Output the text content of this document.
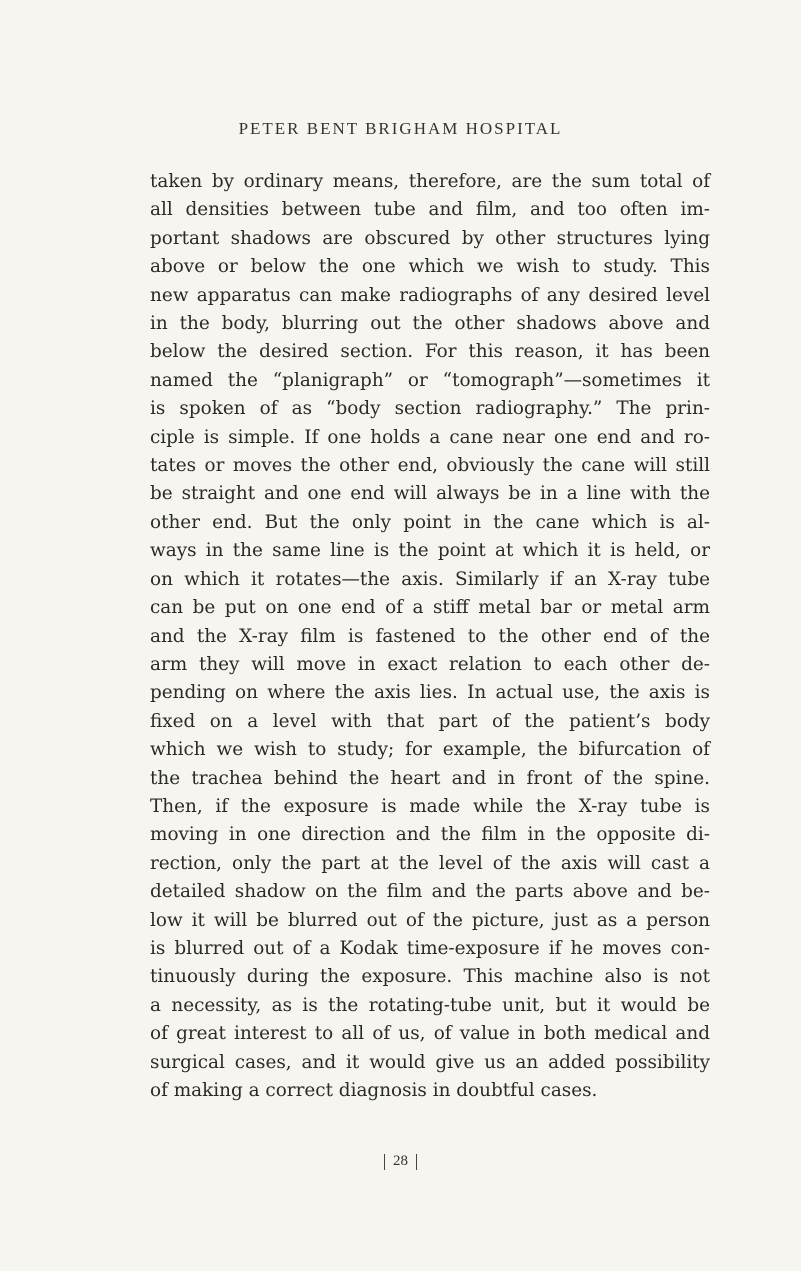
PETER BENT BRIGHAM HOSPITAL
taken by ordinary means, therefore, are the sum total of
all densities between tube and film, and too often im-
portant shadows are obscured by other structures lying
above or below the one which we wish to study. This
new apparatus can make radiographs of any desired level
in the body, blurring out the other shadows above and
below the desired section. For this reason, it has been
named the “planigraph” or “tomograph”—sometimes it
is spoken of as “body section radiography.” The prin-
ciple is simple. If one holds a cane near one end and ro-
tates or moves the other end, obviously the cane will still
be straight and one end will always be in a line with the
other end. But the only point in the cane which is al-
ways in the same line is the point at which it is held, or
on which it rotates—the axis. Similarly if an X-ray tube
can be put on one end of a stiff metal bar or metal arm
and the X-ray film is fastened to the other end of the
arm they will move in exact relation to each other de-
pending on where the axis lies. In actual use, the axis is
fixed on a level with that part of the patient’s body
which we wish to study; for example, the bifurcation of
the trachea behind the heart and in front of the spine.
Then, if the exposure is made while the X-ray tube is
moving in one direction and the film in the opposite di-
rection, only the part at the level of the axis will cast a
detailed shadow on the film and the parts above and be-
low it will be blurred out of the picture, just as a person
is blurred out of a Kodak time-exposure if he moves con-
tinuously during the exposure. This machine also is not
a necessity, as is the rotating-tube unit, but it would be
of great interest to all of us, of value in both medical and
surgical cases, and it would give us an added possibility
of making a correct diagnosis in doubtful cases.
28
